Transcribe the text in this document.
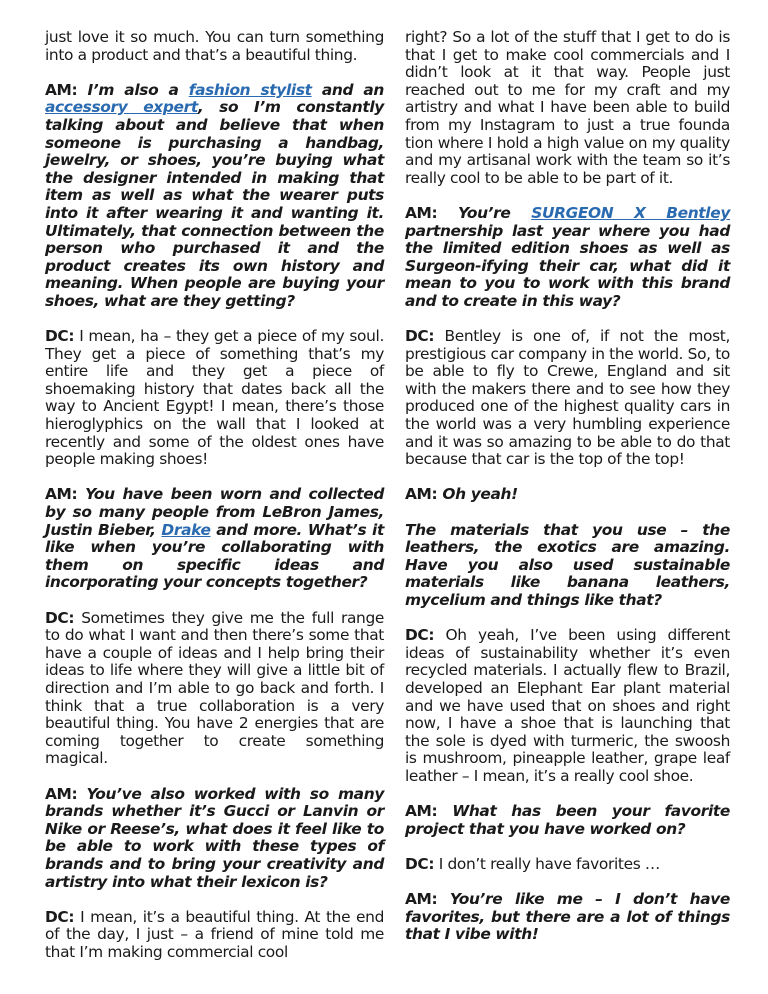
just love it so much. You can turn something into a product and that’s a beautiful thing.

AM: I’m also a fashion stylist and an accessory expert, so I’m constantly talking about and believe that when someone is purchasing a handbag, jewelry, or shoes, you’re buying what the designer intended in making that item as well as what the wearer puts into it after wearing it and wanting it. Ultimately, that connection between the person who purchased it and the product creates its own history and meaning. When people are buying your shoes, what are they getting?

DC: I mean, ha – they get a piece of my soul. They get a piece of something that’s my entire life and they get a piece of shoemaking history that dates back all the way to Ancient Egypt! I mean, there’s those hieroglyphics on the wall that I looked at recently and some of the oldest ones have people making shoes!

AM: You have been worn and collected by so many people from LeBron James, Justin Bieber, Drake and more. What’s it like when you’re collaborating with them on specific ideas and incorporating your concepts together?

DC: Sometimes they give me the full range to do what I want and then there’s some that have a couple of ideas and I help bring their ideas to life where they will give a little bit of direction and I’m able to go back and forth. I think that a true collaboration is a very beautiful thing. You have 2 energies that are coming together to create something magical.

AM: You’ve also worked with so many brands whether it’s Gucci or Lanvin or Nike or Reese’s, what does it feel like to be able to work with these types of brands and to bring your creativity and artistry into what their lexicon is?

DC: I mean, it’s a beautiful thing. At the end of the day, I just – a friend of mine told me that I’m making commercial cool

right? So a lot of the stuff that I get to do is that I get to make cool commercials and I didn’t look at it that way. People just reached out to me for my craft and my artistry and what I have been able to build from my Instagram to just a true founda tion where I hold a high value on my quality and my artisanal work with the team so it’s really cool to be able to be part of it.

AM: You’re SURGEON X Bentley partnership last year where you had the limited edition shoes as well as Surgeon-ifying their car, what did it mean to you to work with this brand and to create in this way?

DC: Bentley is one of, if not the most, prestigious car company in the world. So, to be able to fly to Crewe, England and sit with the makers there and to see how they produced one of the highest quality cars in the world was a very humbling experience and it was so amazing to be able to do that because that car is the top of the top!

AM: Oh yeah!

The materials that you use – the leathers, the exotics are amazing. Have you also used sustainable materials like banana leathers, mycelium and things like that?

DC: Oh yeah, I’ve been using different ideas of sustainability whether it’s even recycled materials. I actually flew to Brazil, developed an Elephant Ear plant material and we have used that on shoes and right now, I have a shoe that is launching that the sole is dyed with turmeric, the swoosh is mushroom, pineapple leather, grape leaf leather – I mean, it’s a really cool shoe.

AM: What has been your favorite project that you have worked on?

DC: I don’t really have favorites …

AM: You’re like me – I don’t have favorites, but there are a lot of things that I vibe with!
